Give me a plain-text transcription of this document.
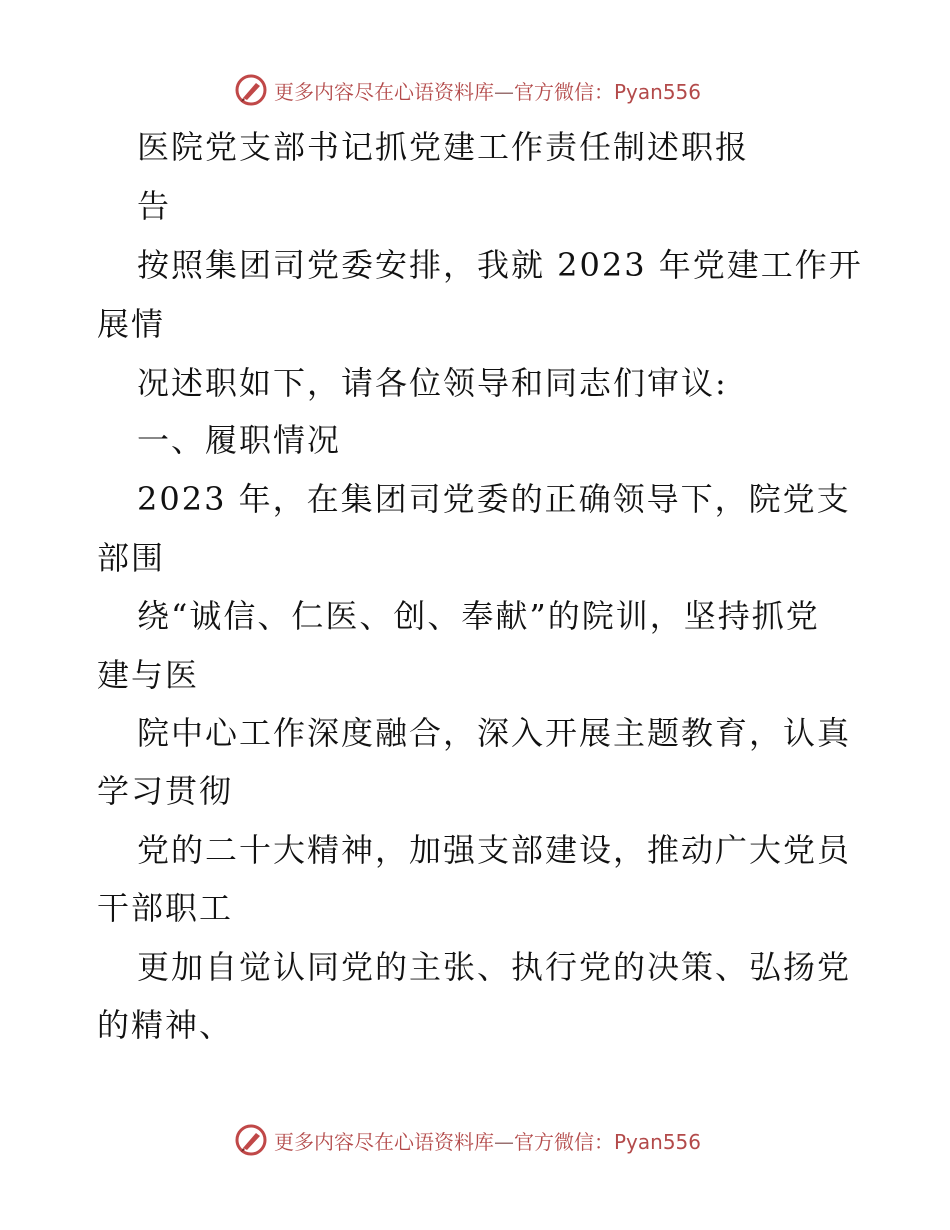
更多内容尽在心语资料库—官方微信：Pyan556
医院党支部书记抓党建工作责任制述职报
告
按照集团司党委安排，我就 2023 年党建工作开
展情
况述职如下，请各位领导和同志们审议:
一、履职情况
2023 年，在集团司党委的正确领导下，院党支
部围
绕“诚信、仁医、创、奉献”的院训，坚持抓党
建与医
院中心工作深度融合，深入开展主题教育，认真
学习贯彻
党的二十大精神，加强支部建设，推动广大党员
干部职工
更加自觉认同党的主张、执行党的决策、弘扬党
的精神、
更多内容尽在心语资料库—官方微信：Pyan556
